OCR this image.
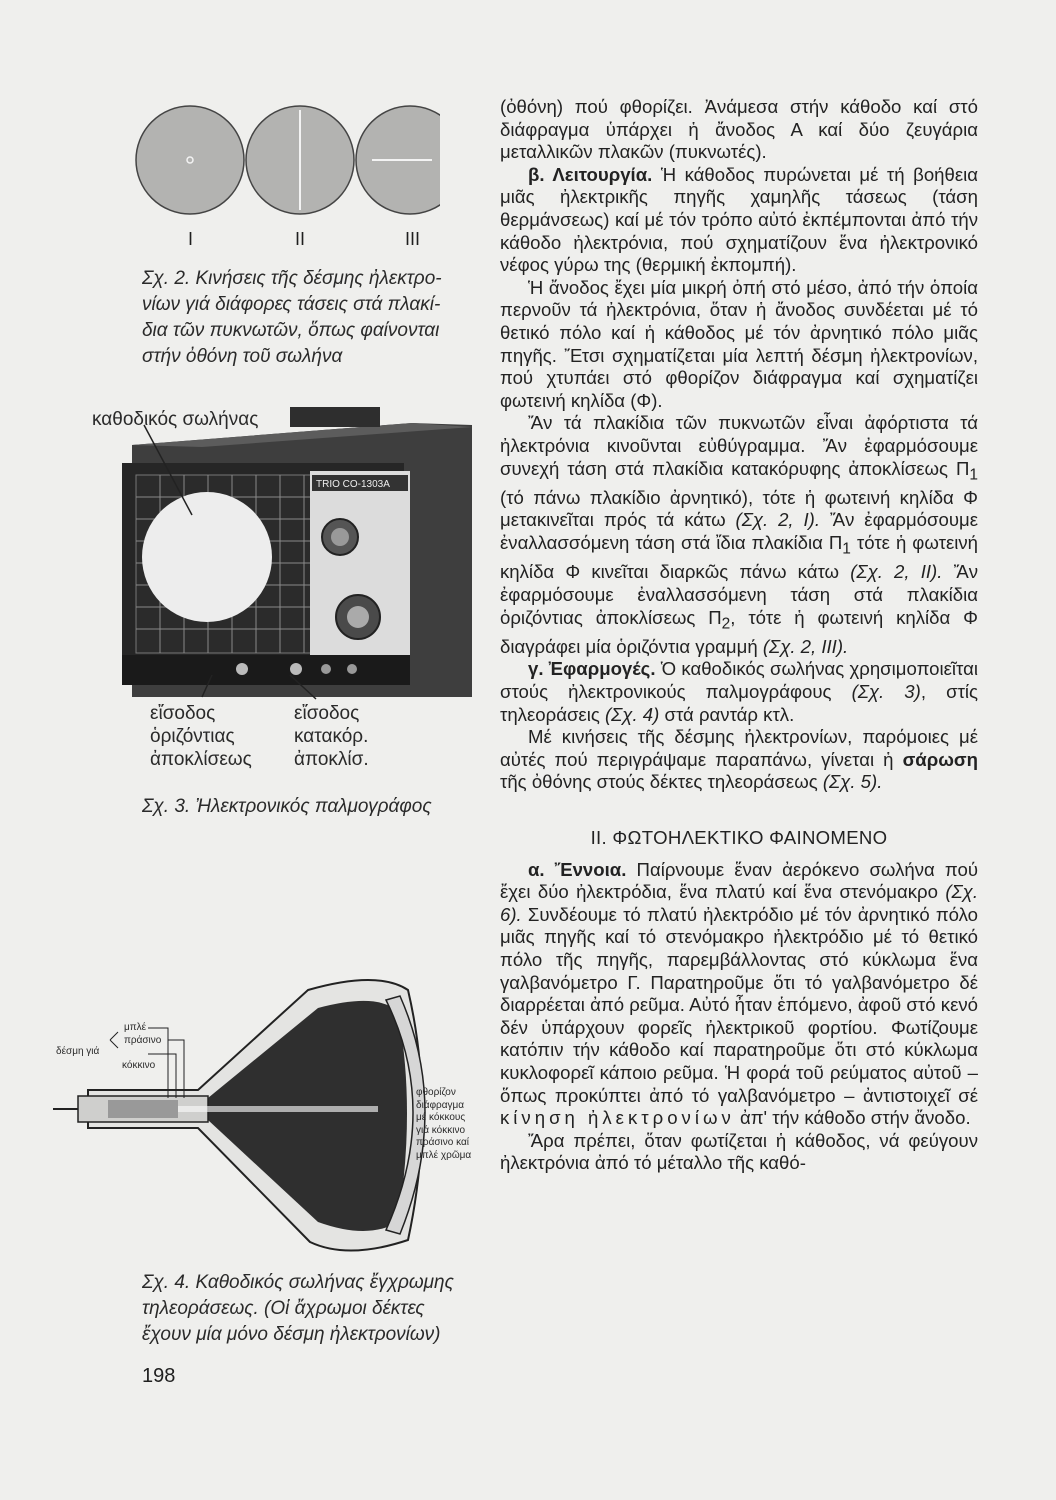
I	II	III
Σχ. 2. Κινήσεις τῆς δέσμης ἠλεκτρο-
νίων γιά διάφορες τάσεις στά πλακί-
δια τῶν πυκνωτῶν, ὅπως φαίνονται
στήν ὀθόνη τοῦ σωλήνα
καθοδικός σωλήνας
TRIO CO-1303A
εἴσοδος
ὁριζόντιας
ἀποκλίσεως
εἴσοδος
κατακόρ.
ἀποκλίσ.
Σχ. 3. Ἠλεκτρονικός παλμογράφος
δέσμη γιά
μπλέ
πράσινο
κόκκινο
φθορίζον
διάφραγμα
μέ κόκκους
γιά κόκκινο
πράσινο καί
μπλέ χρῶμα
Σχ. 4. Καθοδικός σωλήνας ἔγχρωμης
τηλεοράσεως. (Οἱ ἄχρωμοι δέκτες
ἔχουν μία μόνο δέσμη ἠλεκτρονίων)

(ὀθόνη) πού φθορίζει. Ἀνάμεσα στήν κάθοδο καί στό διάφραγμα ὑπάρχει ἡ ἄνοδος Α καί δύο ζευγάρια μεταλλικῶν πλακῶν (πυκνωτές).

β. Λειτουργία. Ἡ κάθοδος πυρώνεται μέ τή βοήθεια μιᾶς ἠλεκτρικῆς πηγῆς χαμηλῆς τάσεως (τάση θερμάνσεως) καί μέ τόν τρόπο αὐτό ἐκπέμπονται ἀπό τήν κάθοδο ἠλεκτρόνια, πού σχηματίζουν ἕνα ἠλεκτρονικό νέφος γύρω της (θερμική ἐκπομπή).

Ἡ ἄνοδος ἔχει μία μικρή ὀπή στό μέσο, ἀπό τήν ὁποία περνοῦν τά ἠλεκτρόνια, ὅταν ἡ ἄνοδος συνδέεται μέ τό θετικό πόλο καί ἡ κάθοδος μέ τόν ἀρνητικό πόλο μιᾶς πηγῆς. Ἔτσι σχηματίζεται μία λεπτή δέσμη ἠλεκτρονίων, πού χτυπάει στό φθορίζον διάφραγμα καί σχηματίζει φωτεινή κηλίδα (Φ).

Ἄν τά πλακίδια τῶν πυκνωτῶν εἶναι ἀφόρτιστα τά ἠλεκτρόνια κινοῦνται εὐθύγραμμα. Ἄν ἐφαρμόσουμε συνεχή τάση στά πλακίδια κατακόρυφης ἀποκλίσεως $\Pi_1$ (τό πάνω πλακίδιο ἀρνητικό), τότε ἡ φωτεινή κηλίδα Φ μετακινεῖται πρός τά κάτω (Σχ. 2, I). Ἄν ἐφαρμόσουμε ἐναλλασσόμενη τάση στά ἴδια πλακίδια $\Pi_1$ τότε ἡ φωτεινή κηλίδα Φ κινεῖται διαρκῶς πάνω κάτω (Σχ. 2, II). Ἄν ἐφαρμόσουμε ἐναλλασσόμενη τάση στά πλακίδια ὁριζόντιας ἀποκλίσεως $\Pi_2$, τότε ἡ φωτεινή κηλίδα Φ διαγράφει μία ὁριζόντια γραμμή (Σχ. 2, III).

γ. Ἐφαρμογές. Ὁ καθοδικός σωλήνας χρησιμοποιεῖται στούς ἠλεκτρονικούς παλμογράφους (Σχ. 3), στίς τηλεοράσεις (Σχ. 4) στά ραντάρ κτλ.

Μέ κινήσεις τῆς δέσμης ἠλεκτρονίων, παρόμοιες μέ αὐτές πού περιγράψαμε παραπάνω, γίνεται ἡ σάρωση τῆς ὀθόνης στούς δέκτες τηλεοράσεως (Σχ. 5).

II. ΦΩΤΟΗΛΕΚΤΙΚΟ ΦΑΙΝΟΜΕΝΟ

α. Ἔννοια. Παίρνουμε ἕναν ἀερόκενο σωλήνα πού ἔχει δύο ἠλεκτρόδια, ἕνα πλατύ καί ἕνα στενόμακρο (Σχ. 6). Συνδέουμε τό πλατύ ἠλεκτρόδιο μέ τόν ἀρνητικό πόλο μιᾶς πηγῆς καί τό στενόμακρο ἠλεκτρόδιο μέ τό θετικό πόλο τῆς πηγῆς, παρεμβάλλοντας στό κύκλωμα ἕνα γαλβανόμετρο Γ. Παρατηροῦμε ὅτι τό γαλβανόμετρο δέ διαρρέεται ἀπό ρεῦμα. Αὐτό ἦταν ἑπόμενο, ἀφοῦ στό κενό δέν ὑπάρχουν φορεῖς ἠλεκτρικοῦ φορτίου. Φωτίζουμε κατόπιν τήν κάθοδο καί παρατηροῦμε ὅτι στό κύκλωμα κυκλοφορεῖ κάποιο ρεῦμα. Ἡ φορά τοῦ ρεύματος αὐτοῦ – ὅπως προκύπτει ἀπό τό γαλβανόμετρο – ἀντιστοιχεῖ σέ κίνηση ἠλεκτρονίων ἀπ' τήν κάθοδο στήν ἄνοδο.

Ἄρα πρέπει, ὅταν φωτίζεται ἡ κάθοδος, νά φεύγουν ἠλεκτρόνια ἀπό τό μέταλλο τῆς καθό-

198
